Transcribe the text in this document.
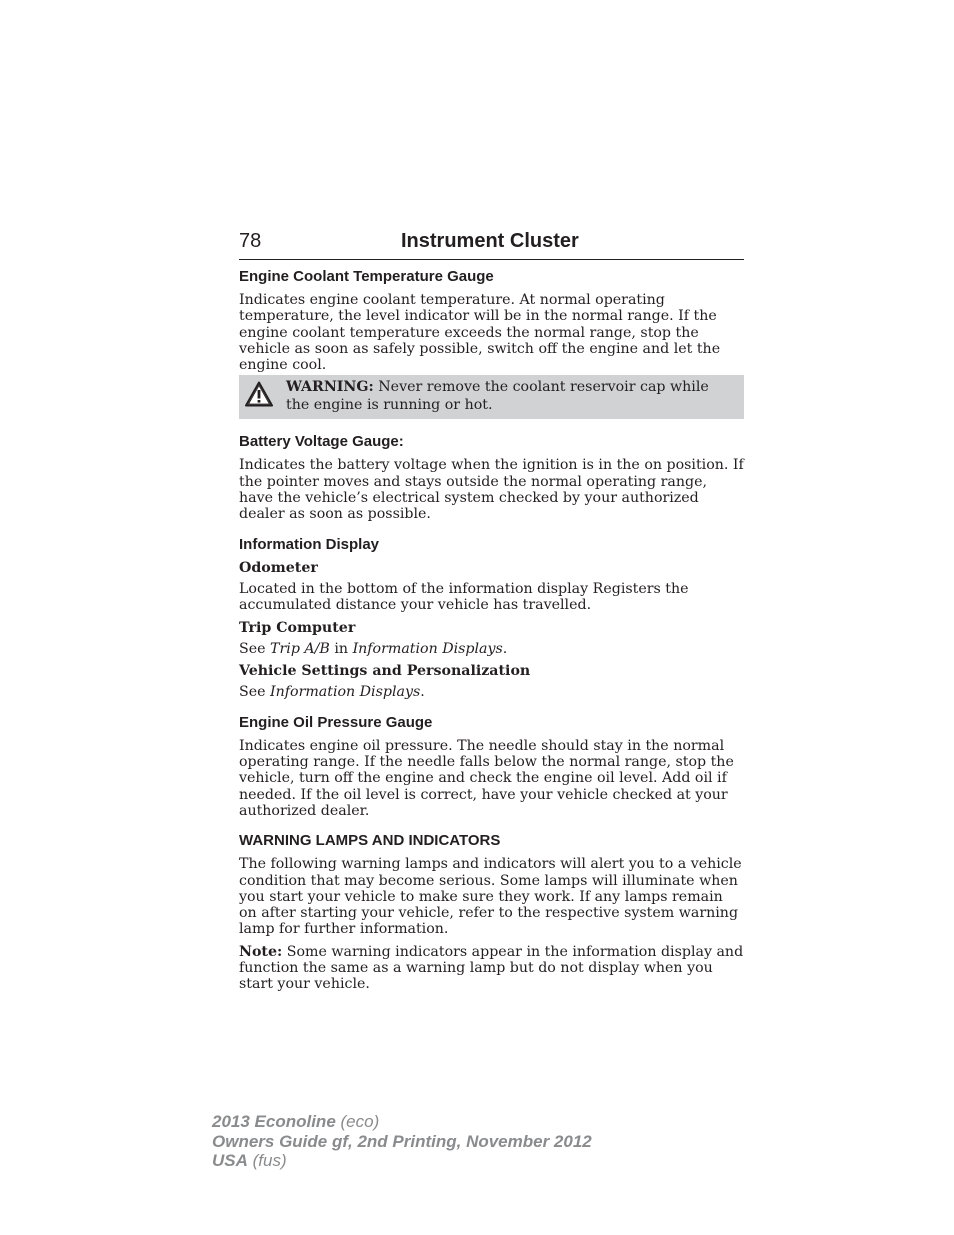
78	Instrument Cluster
Engine Coolant Temperature Gauge

Indicates engine coolant temperature. At normal operating temperature, the level indicator will be in the normal range. If the engine coolant temperature exceeds the normal range, stop the vehicle as soon as safely possible, switch off the engine and let the engine cool.

WARNING: Never remove the coolant reservoir cap while the engine is running or hot.
Battery Voltage Gauge:

Indicates the battery voltage when the ignition is in the on position. If the pointer moves and stays outside the normal operating range, have the vehicle’s electrical system checked by your authorized dealer as soon as possible.

Information Display

Odometer

Located in the bottom of the information display Registers the accumulated distance your vehicle has travelled.

Trip Computer

See Trip A/B in Information Displays.

Vehicle Settings and Personalization

See Information Displays.

Engine Oil Pressure Gauge

Indicates engine oil pressure. The needle should stay in the normal operating range. If the needle falls below the normal range, stop the vehicle, turn off the engine and check the engine oil level. Add oil if needed. If the oil level is correct, have your vehicle checked at your authorized dealer.

WARNING LAMPS AND INDICATORS

The following warning lamps and indicators will alert you to a vehicle condition that may become serious. Some lamps will illuminate when you start your vehicle to make sure they work. If any lamps remain on after starting your vehicle, refer to the respective system warning lamp for further information.

Note: Some warning indicators appear in the information display and function the same as a warning lamp but do not display when you start your vehicle.

2013 Econoline (eco)
Owners Guide gf, 2nd Printing, November 2012
USA (fus)
